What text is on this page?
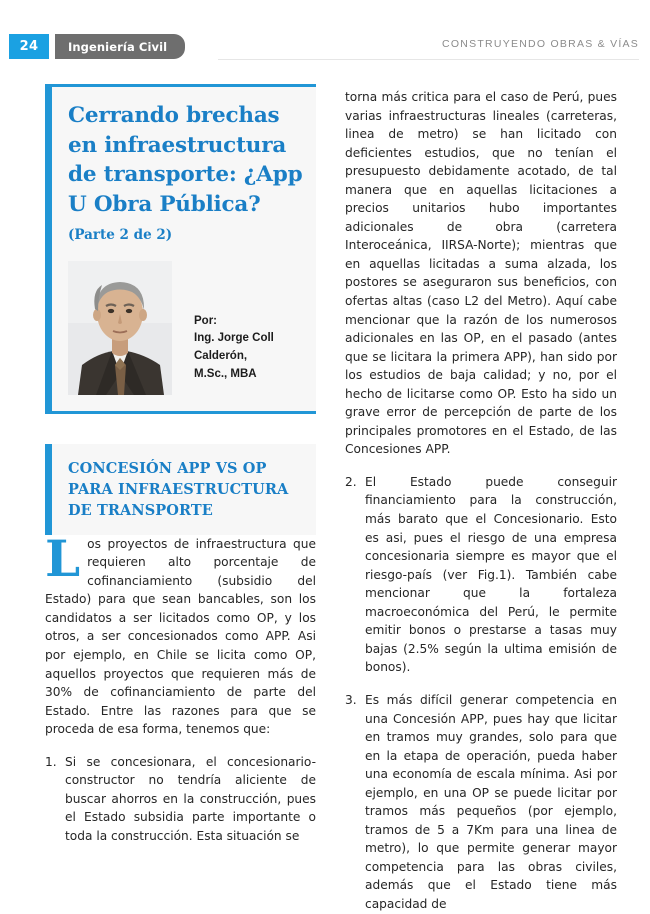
24	Ingeniería Civil	CONSTRUYENDO OBRAS & VÍAS
Cerrando brechas en infraestructura de transporte: ¿App U Obra Pública?
(Parte 2 de 2)
Por:
Ing. Jorge Coll
Calderón,
M.Sc., MBA
CONCESIÓN APP VS OP
PARA INFRAESTRUCTURA
DE TRANSPORTE

Los proyectos de infraestructura que requieren alto porcentaje de cofinanciamiento (subsidio del Estado) para que sean bancables, son los candidatos a ser licitados como OP, y los otros, a ser concesionados como APP. Asi por ejemplo, en Chile se licita como OP, aquellos proyectos que requieren más de 30% de cofinanciamiento de parte del Estado. Entre las razones para que se proceda de esa forma, tenemos que:

Si se concesionara, el concesionario-constructor no tendría aliciente de buscar ahorros en la construcción, pues el Estado subsidia parte importante o toda la construcción. Esta situación se

torna más critica para el caso de Perú, pues varias infraestructuras lineales (carreteras, linea de metro) se han licitado con deficientes estudios, que no tenían el presupuesto debidamente acotado, de tal manera que en aquellas licitaciones a precios unitarios hubo importantes adicionales de obra (carretera Interoceánica, IIRSA-Norte); mientras que en aquellas licitadas a suma alzada, los postores se aseguraron sus beneficios, con ofertas altas (caso L2 del Metro). Aquí cabe mencionar que la razón de los numerosos adicionales en las OP, en el pasado (antes que se licitara la primera APP), han sido por los estudios de baja calidad; y no, por el hecho de licitarse como OP. Esto ha sido un grave error de percepción de parte de los principales promotores en el Estado, de las Concesiones APP.

El Estado puede conseguir financiamiento para la construcción, más barato que el Concesionario. Esto es asi, pues el riesgo de una empresa concesionaria siempre es mayor que el riesgo-país (ver Fig.1). También cabe mencionar que la fortaleza macroeconómica del Perú, le permite emitir bonos o prestarse a tasas muy bajas (2.5% según la ultima emisión de bonos).
Es más difícil generar competencia en una Concesión APP, pues hay que licitar en tramos muy grandes, solo para que en la etapa de operación, pueda haber una economía de escala mínima. Asi por ejemplo, en una OP se puede licitar por tramos más pequeños (por ejemplo, tramos de 5 a 7Km para una linea de metro), lo que permite generar mayor competencia para las obras civiles, además que el Estado tiene más capacidad de
